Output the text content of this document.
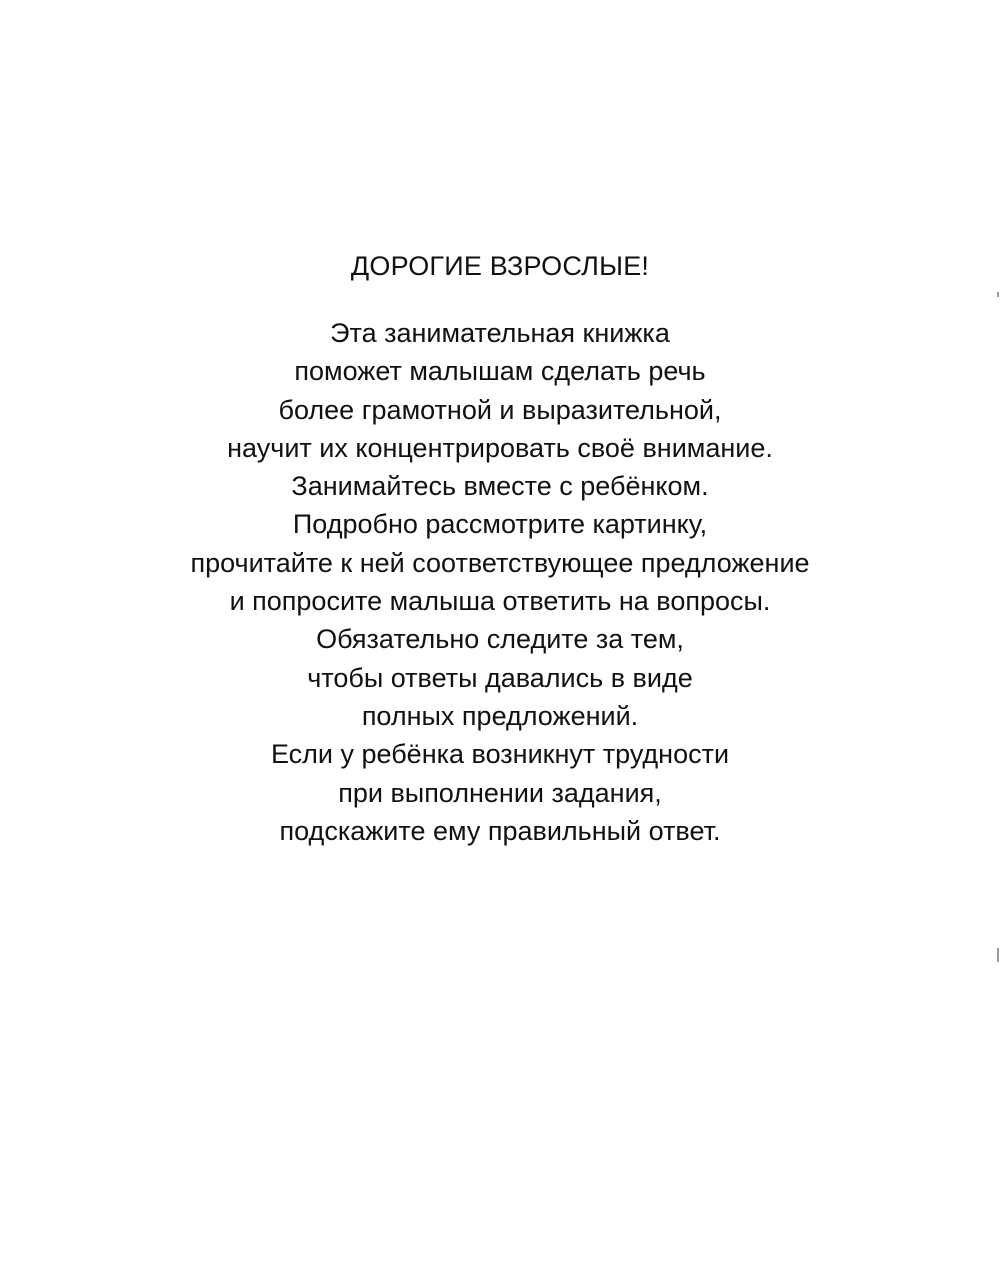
ДОРОГИЕ ВЗРОСЛЫЕ!
Эта занимательная книжка
поможет малышам сделать речь
более грамотной и выразительной,
научит их концентрировать своё внимание.
Занимайтесь вместе с ребёнком.
Подробно рассмотрите картинку,
прочитайте к ней соответствующее предложение
и попросите малыша ответить на вопросы.
Обязательно следите за тем,
чтобы ответы давались в виде
полных предложений.
Если у ребёнка возникнут трудности
при выполнении задания,
подскажите ему правильный ответ.
